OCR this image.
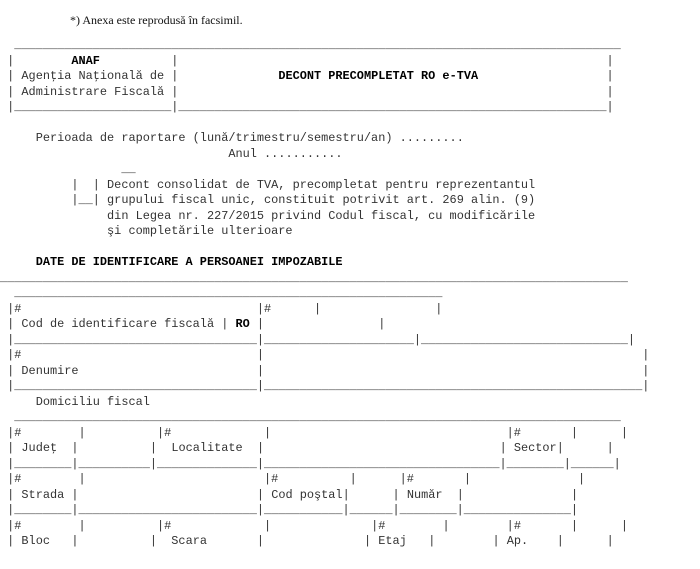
*) Anexa este reprodusă în facsimil.
_____________________________________________________________________________________
|	ANAF	|                                                            |
| Agenţia Naţională de |              DECONT PRECOMPLETAT RO e-TVA	|
| Administrare Fiscală |                                                            |
|______________________|____________________________________________________________|

Perioada de raportare (lună/trimestru/semestru/an) .........
Anul ...........
__
|  | Decont consolidat de TVA, precompletat pentru reprezentantul
|__| grupului fiscal unic, constituit potrivit art. 269 alin. (9)
din Legea nr. 227/2015 privind Codul fiscal, cu modificările
şi completările ulterioare

DATE DE IDENTIFICARE A PERSOANEI IMPOZABILE
________________________________________________________________________________________
____________________________________________________________
|#                                 |#	|                |
| Cod de identificare fiscală | RO |	|
|__________________________________|_____________________|_____________________________|
|#	|                                                     |
| Denumire                         |	|
|__________________________________|_____________________________________________________|
Domiciliu fiscal
_____________________________________________________________________________________
|#        |          |#             |                                 |#	|      |
| Judeţ  |	|  Localitate  |	| Sector|	|
|________|__________|______________|_________________________________|________|______|
|#        |                         |#          |      |#	|               |
| Strada |	| Cod poştal|	| Număr  |	|
|________|_________________________|___________|______|________|_______________|
|#        |          |#             |              |#        |        |#	|      |
| Bloc   |	|  Scara       |	| Etaj   |	| Ap.    |	|
